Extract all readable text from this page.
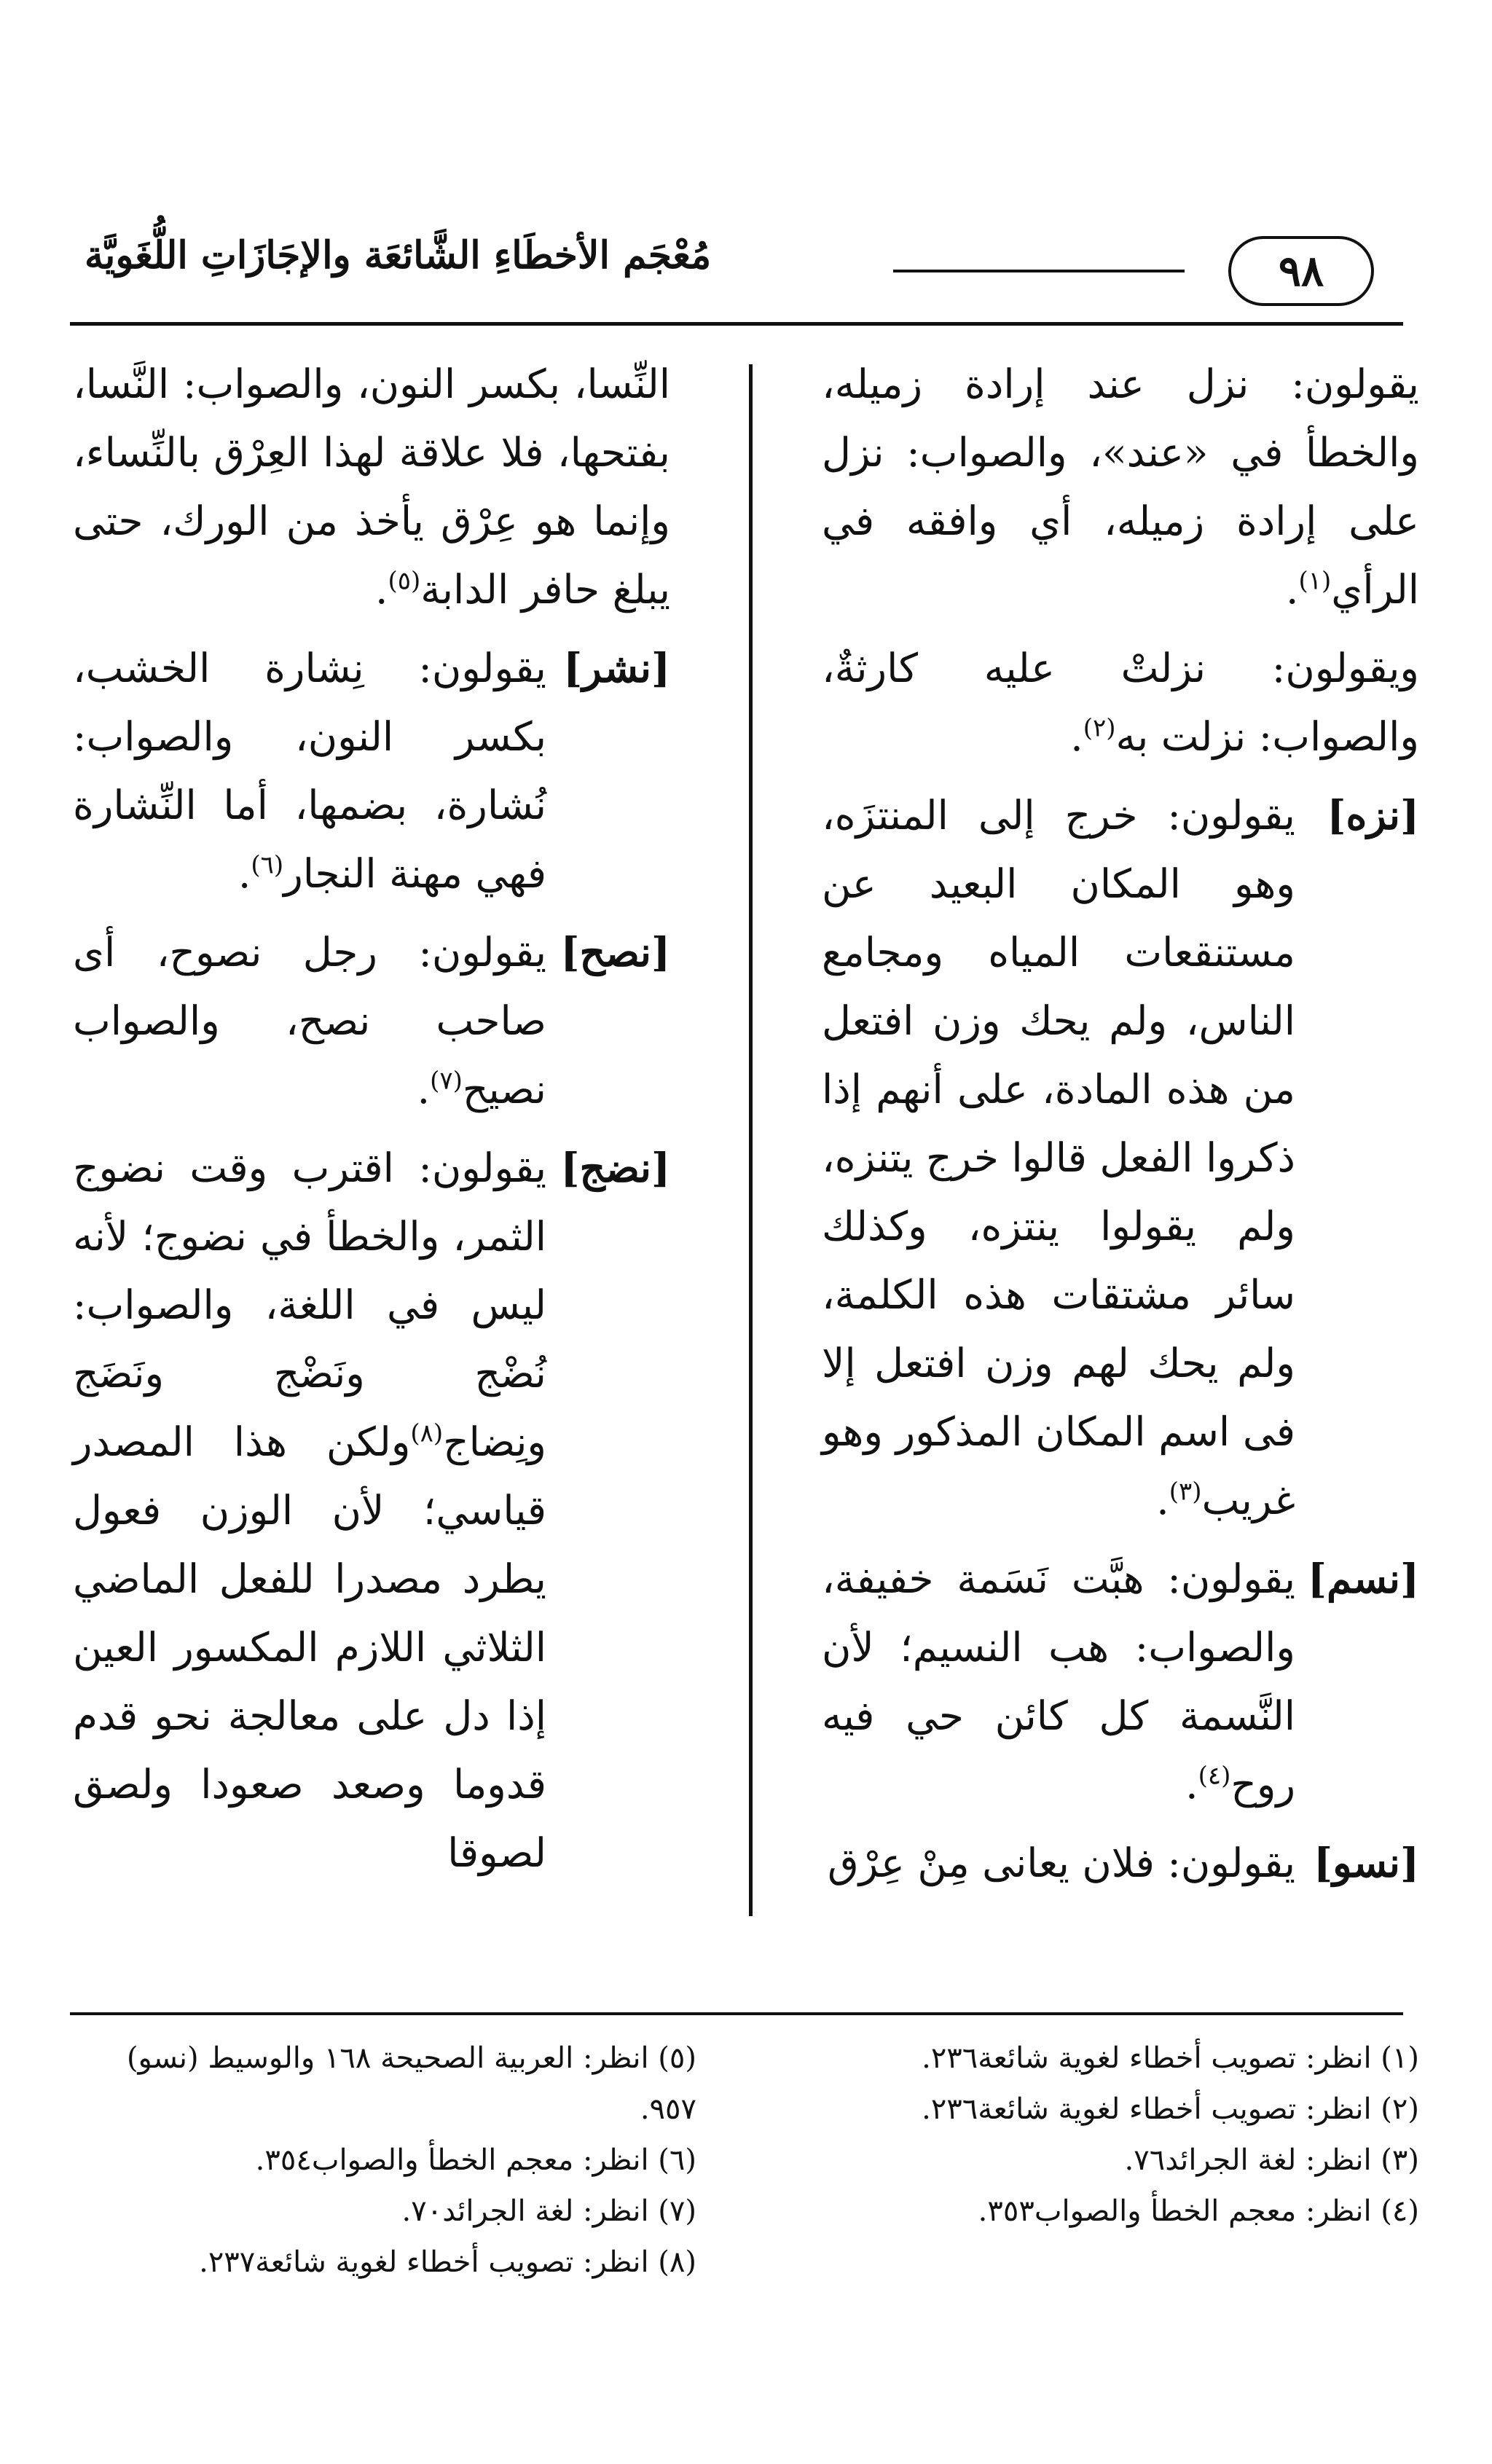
٩٨
مُعْجَم الأخطَاءِ الشَّائعَة والإجَازَاتِ اللُّغَويَّة

يقولون: نزل عند إرادة زميله، والخطأ في «عند»، والصواب: نزل على إرادة زميله، أي وافقه في الرأي$^{(١)}$.

ويقولون: نزلتْ عليه كارثةٌ، والصواب: نزلت به$^{(٢)}$.

[نزه]يقولون: خرج إلى المنتزَه، وهو المكان البعيد عن مستنقعات المياه ومجامع الناس، ولم يحك وزن افتعل من هذه المادة، على أنهم إذا ذكروا الفعل قالوا خرج يتنزه، ولم يقولوا ينتزه، وكذلك سائر مشتقات هذه الكلمة، ولم يحك لهم وزن افتعل إلا فى اسم المكان المذكور وهو غريب$^{(٣)}$.

[نسم]يقولون: هبَّت نَسَمة خفيفة، والصواب: هب النسيم؛ لأن النَّسمة كل كائن حي فيه روح$^{(٤)}$.

[نسو]يقولون: فلان يعانى مِنْ عِرْق

النِّسا، بكسر النون، والصواب: النَّسا، بفتحها، فلا علاقة لهذا العِرْق بالنِّساء، وإنما هو عِرْق يأخذ من الورك، حتى يبلغ حافر الدابة$^{(٥)}$.

[نشر]يقولون: نِشارة الخشب، بكسر النون، والصواب: نُشارة، بضمها، أما النِّشارة فهي مهنة النجار$^{(٦)}$.

[نصح]يقولون: رجل نصوح، أى صاحب نصح، والصواب نصيح$^{(٧)}$.

[نضج]يقولون: اقترب وقت نضوج الثمر، والخطأ في نضوج؛ لأنه ليس في اللغة، والصواب: نُضْج ونَضْج ونَضَج ونِضاج$^{(٨)}$ولكن هذا المصدر قياسي؛ لأن الوزن فعول يطرد مصدرا للفعل الماضي الثلاثي اللازم المكسور العين إذا دل على معالجة نحو قدم قدوما وصعد صعودا ولصق لصوقا

(١) انظر: تصويب أخطاء لغوية شائعة٢٣٦.

(٢) انظر: تصويب أخطاء لغوية شائعة٢٣٦.

(٣) انظر: لغة الجرائد٧٦.

(٤) انظر: معجم الخطأ والصواب٣٥٣.

(٥) انظر: العربية الصحيحة ١٦٨ والوسيط (نسو) ٩٥٧.

(٦) انظر: معجم الخطأ والصواب٣٥٤.

(٧) انظر: لغة الجرائد٧٠.

(٨) انظر: تصويب أخطاء لغوية شائعة٢٣٧.
